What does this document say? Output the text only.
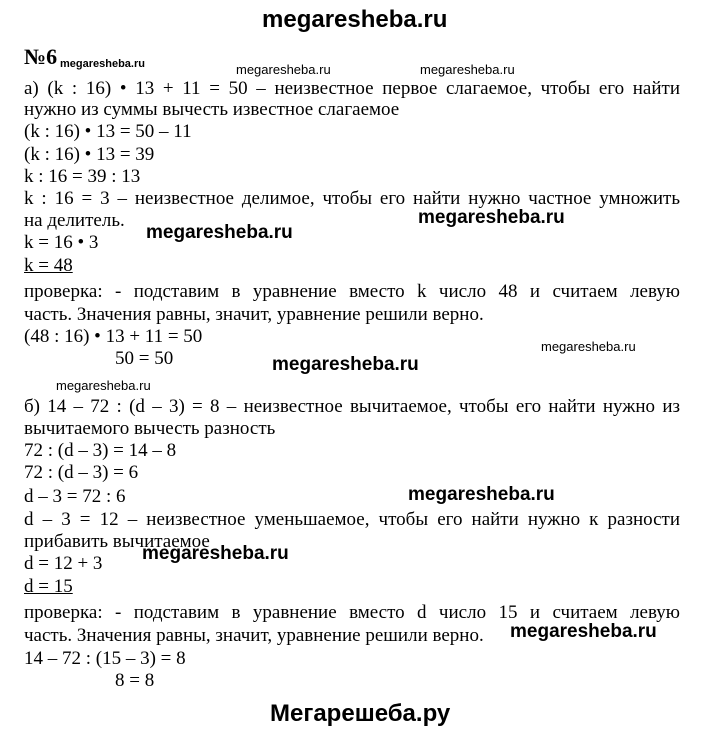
megaresheba.ru
№6 megaresheba.ru	megaresheba.ru	megaresheba.ru
а) (k : 16) • 13 + 11 = 50 – неизвестное первое слагаемое, чтобы его найти
нужно из суммы вычесть известное слагаемое
(k : 16) • 13 = 50 – 11
(k : 16) • 13 = 39
k : 16 = 39 : 13
k : 16 = 3 – неизвестное делимое, чтобы его найти нужно частное умножить
на делитель.	megaresheba.ru
megaresheba.ru
k = 16 • 3
k = 48
проверка: - подставим в уравнение вместо k число 48 и считаем левую
часть. Значения равны, значит, уравнение решили верно.
(48 : 16) • 13 + 11 = 50	megaresheba.ru
50 = 50	megaresheba.ru
megaresheba.ru
б) 14 – 72 : (d – 3) = 8 – неизвестное вычитаемое, чтобы его найти нужно из
вычитаемого вычесть разность
72 : (d – 3) = 14 – 8
72 : (d – 3) = 6
d – 3 = 72 : 6	megaresheba.ru
d – 3 = 12 – неизвестное уменьшаемое, чтобы его найти нужно к разности
прибавить вычитаемое
megaresheba.ru
d = 12 + 3
d = 15
проверка: - подставим в уравнение вместо d число 15 и считаем левую
часть. Значения равны, значит, уравнение решили верно. megaresheba.ru
14 – 72 : (15 – 3) = 8
8 = 8
Мегарешеба.ру
